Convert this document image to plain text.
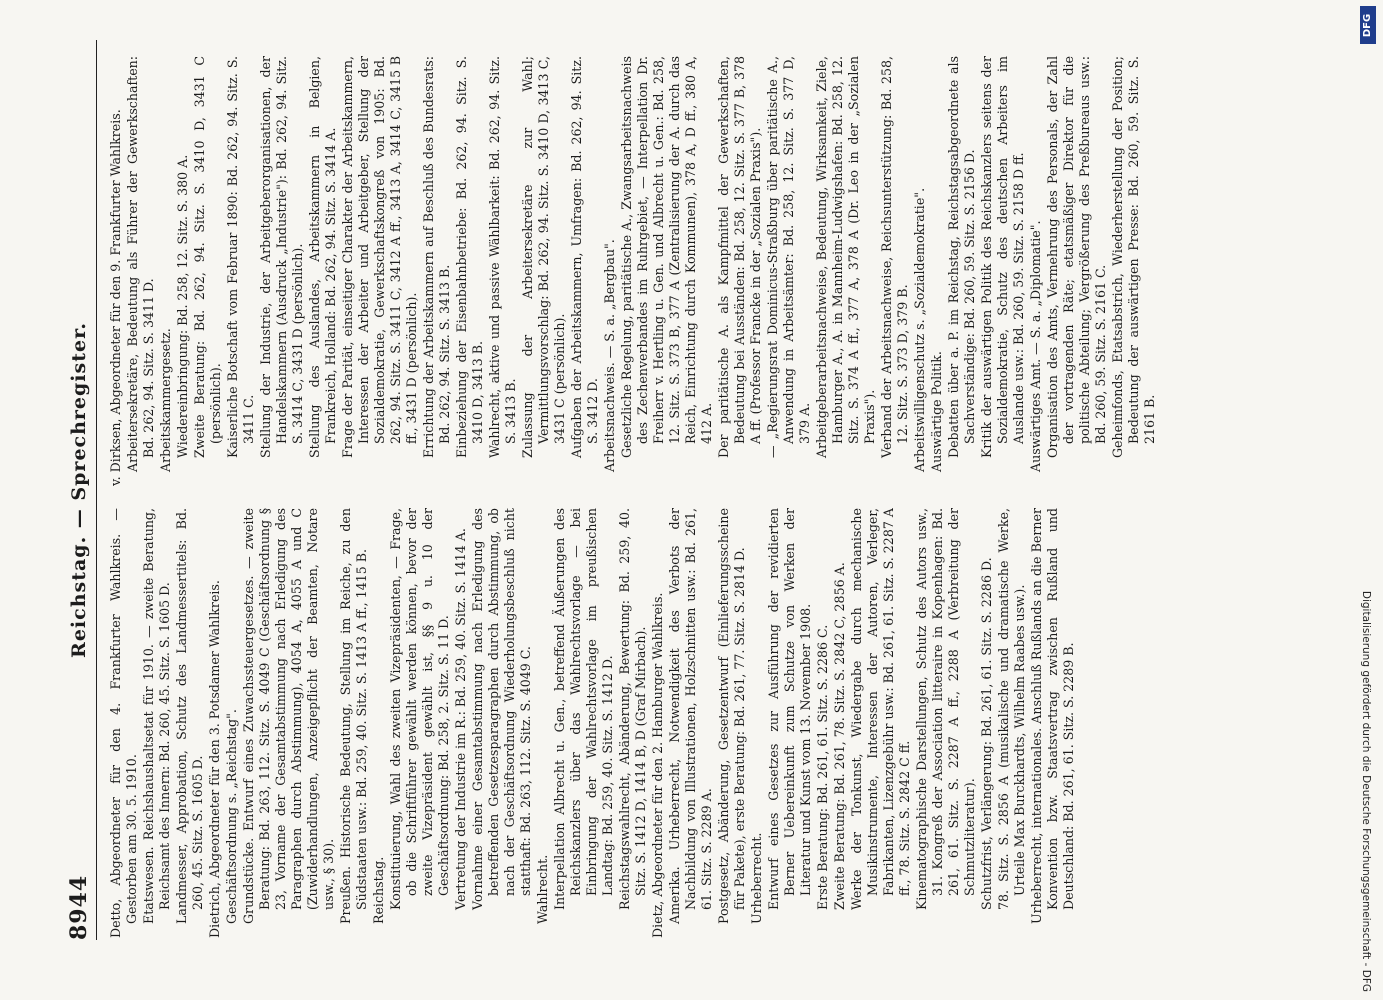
8944
Reichstag. — Sprechregister.

Detto, Abgeordneter für den 4. Frankfurter Wahlkreis. — Gestorben am 30. 5. 1910. Etatswesen. Reichshaushaltsetat für 1910. — zweite Beratung, Reichsamt des Innern: Bd. 260, 45. Sitz. S. 1605 D. Landmesser, Approbation, Schutz des Landmessertitels: Bd. 260, 45. Sitz. S. 1605 D. Dietrich, Abgeordneter für den 3. Potsdamer Wahlkreis. Geschäftsordnung s. „Reichstag". Grundstücke. Entwurf eines Zuwachssteuergesetzes. — zweite Beratung: Bd. 263, 112. Sitz. S. 4049 C (Geschäftsordnung § 23, Vorname der Gesamtabstimmung nach Erledigung des Paragraphen durch Abstimmung), 4054 A, 4055 A und C (Zuwiderhandlungen, Anzeigepflicht der Beamten, Notare usw., § 30). Preußen. Historische Bedeutung, Stellung im Reiche, zu den Südstaaten usw.: Bd. 259, 40. Sitz. S. 1413 A ff., 1415 B. Reichstag. Konstituierung, Wahl des zweiten Vizepräsidenten, — Frage, ob die Schriftführer gewählt werden können, bevor der zweite Vizepräsident gewählt ist, §§ 9 u. 10 der Geschäftsordnung: Bd. 258, 2. Sitz. S. 11 D. Vertretung der Industrie im R.: Bd. 259, 40. Sitz. S. 1414 A. Vornahme einer Gesamtabstimmung nach Erledigung des betreffenden Gesetzesparagraphen durch Abstimmung, ob nach der Geschäftsordnung Wiederholungsbeschluß nicht statthaft: Bd. 263, 112. Sitz. S. 4049 C. Wahlrecht. Interpellation Albrecht u. Gen., betreffend Äußerungen des Reichskanzlers über das Wahlrechtsvorlage — bei Einbringung der Wahlrechtsvorlage im preußischen Landtag: Bd. 259, 40. Sitz. S. 1412 D. Reichstagswahlrecht, Abänderung, Bewertung: Bd. 259, 40. Sitz. S. 1412 D, 1414 B, D (Graf Mirbach). Dietz, Abgeordneter für den 2. Hamburger Wahlkreis. Amerika. Urheberrecht, Notwendigkeit des Verbots der Nachbildung von Illustrationen, Holzschnitten usw.: Bd. 261, 61. Sitz. S. 2289 A. Postgesetz, Abänderung, Gesetzentwurf (Einlieferungsscheine für Pakete), erste Beratung: Bd. 261, 77. Sitz. S. 2814 D. Urheberrecht. Entwurf eines Gesetzes zur Ausführung der revidierten Berner Uebereinkunft zum Schutze von Werken der Literatur und Kunst vom 13. November 1908. Erste Beratung: Bd. 261, 61. Sitz. S. 2286 C. Zweite Beratung: Bd. 261, 78. Sitz. S. 2842 C, 2856 A. Werke der Tonkunst, Wiedergabe durch mechanische Musikinstrumente, Interessen der Autoren, Verleger, Fabrikanten, Lizenzgebühr usw.: Bd. 261, 61. Sitz. S. 2287 A ff., 78. Sitz. S. 2842 C ff. Kinematographische Darstellungen, Schutz des Autors usw., 31. Kongreß der Association litteraire in Kopenhagen: Bd. 261, 61. Sitz. S. 2287 A ff., 2288 A (Verbreitung der Schmutzliteratur). Schutzfrist, Verlängerung: Bd. 261, 61. Sitz. S. 2286 D. 78. Sitz. S. 2856 A (musikalische und dramatische Werke, Urteile Max Burckhardts, Wilhelm Raabes usw.). Urheberrecht, internationales. Anschluß Rußlands an die Berner Konvention bzw. Staatsvertrag zwischen Rußland und Deutschland: Bd. 261, 61. Sitz. S. 2289 B.

v. Dirksen, Abgeordneter für den 9. Frankfurter Wahlkreis. Arbeitersekretäre, Bedeutung als Führer der Gewerkschaften: Bd. 262, 94. Sitz. S. 3411 D. Arbeitskammergesetz. Wiedereinbringung: Bd. 258, 12. Sitz. S. 380 A. Zweite Beratung: Bd. 262, 94. Sitz. S. 3410 D, 3431 C (persönlich). Kaiserliche Botschaft vom Februar 1890: Bd. 262, 94. Sitz. S. 3411 C. Stellung der Industrie, der Arbeitgeberorganisationen, der Handelskammern (Ausdruck „Industrie"): Bd. 262, 94. Sitz. S. 3414 C, 3431 D (persönlich). Stellung des Auslandes, Arbeitskammern in Belgien, Frankreich, Holland: Bd. 262, 94. Sitz. S. 3414 A. Frage der Parität, einseitiger Charakter der Arbeitskammern, Interessen der Arbeiter und Arbeitgeber, Stellung der Sozialdemokratie, Gewerkschaftskongreß von 1905: Bd. 262, 94. Sitz. S. 3411 C, 3412 A ff., 3413 A, 3414 C, 3415 B ff., 3431 D (persönlich). Errichtung der Arbeitskammern auf Beschluß des Bundesrats: Bd. 262, 94. Sitz. S. 3413 B. Einbeziehung der Eisenbahnbetriebe: Bd. 262, 94. Sitz. S. 3410 D, 3413 B. Wahlrecht, aktive und passive Wählbarkeit: Bd. 262, 94. Sitz. S. 3413 B. Zulassung der Arbeitersekretäre zur Wahl; Vermittlungsvorschlag: Bd. 262, 94. Sitz. S. 3410 D, 3413 C, 3431 C (persönlich). Aufgaben der Arbeitskammern, Umfragen: Bd. 262, 94. Sitz. S. 3412 D. Arbeitsnachweis. — S. a. „Bergbau". Gesetzliche Regelung, paritätische A., Zwangsarbeitsnachweis des Zechenverbandes im Ruhrgebiet, — Interpellation Dr. Freiherr v. Hertling u. Gen. und Albrecht u. Gen.: Bd. 258, 12. Sitz. S. 373 B, 377 A (Zentralisierung der A. durch das Reich, Einrichtung durch Kommunen), 378 A, D ff., 380 A, 412 A. Der paritätische A. als Kampfmittel der Gewerkschaften, Bedeutung bei Ausständen: Bd. 258, 12. Sitz. S. 377 B, 378 A ff. (Professor Francke in der „Sozialen Praxis"). — „Regierungsrat Dominicus-Straßburg über paritätische A., Anwendung in Arbeitsämter: Bd. 258, 12. Sitz. S. 377 D, 379 A. Arbeitgeberarbeitsnachweise, Bedeutung, Wirksamkeit, Ziele, Hamburger A., A. in Mannheim-Ludwigshafen: Bd. 258, 12. Sitz. S. 374 A ff., 377 A, 378 A (Dr. Leo in der „Sozialen Praxis"). Verband der Arbeitsnachweise, Reichsunterstützung: Bd. 258, 12. Sitz. S. 373 D, 379 B. Arbeitswilligenschutz s. „Sozialdemokratie". Auswärtige Politik. Debatten über a. P. im Reichstag, Reichstagsabgeordnete als Sachverständige: Bd. 260, 59. Sitz. S. 2156 D. Kritik der auswärtigen Politik des Reichskanzlers seitens der Sozialdemokratie, Schutz des deutschen Arbeiters im Auslande usw.: Bd. 260, 59. Sitz. S. 2158 D ff. Auswärtiges Amt. — S. a. „Diplomatie". Organisation des Amts, Vermehrung des Personals, der Zahl der vortragenden Räte; etatsmäßiger Direktor für die politische Abteilung; Vergrößerung des Preßbureaus usw.: Bd. 260, 59. Sitz. S. 2161 C. Geheimfonds, Etatsabstrich, Wiederherstellung der Position; Bedeutung der auswärtigen Presse: Bd. 260, 59. Sitz. S. 2161 B.

Digitalisierung gefördert durch die Deutsche Forschungsgemeinschaft - DFG
DFG
